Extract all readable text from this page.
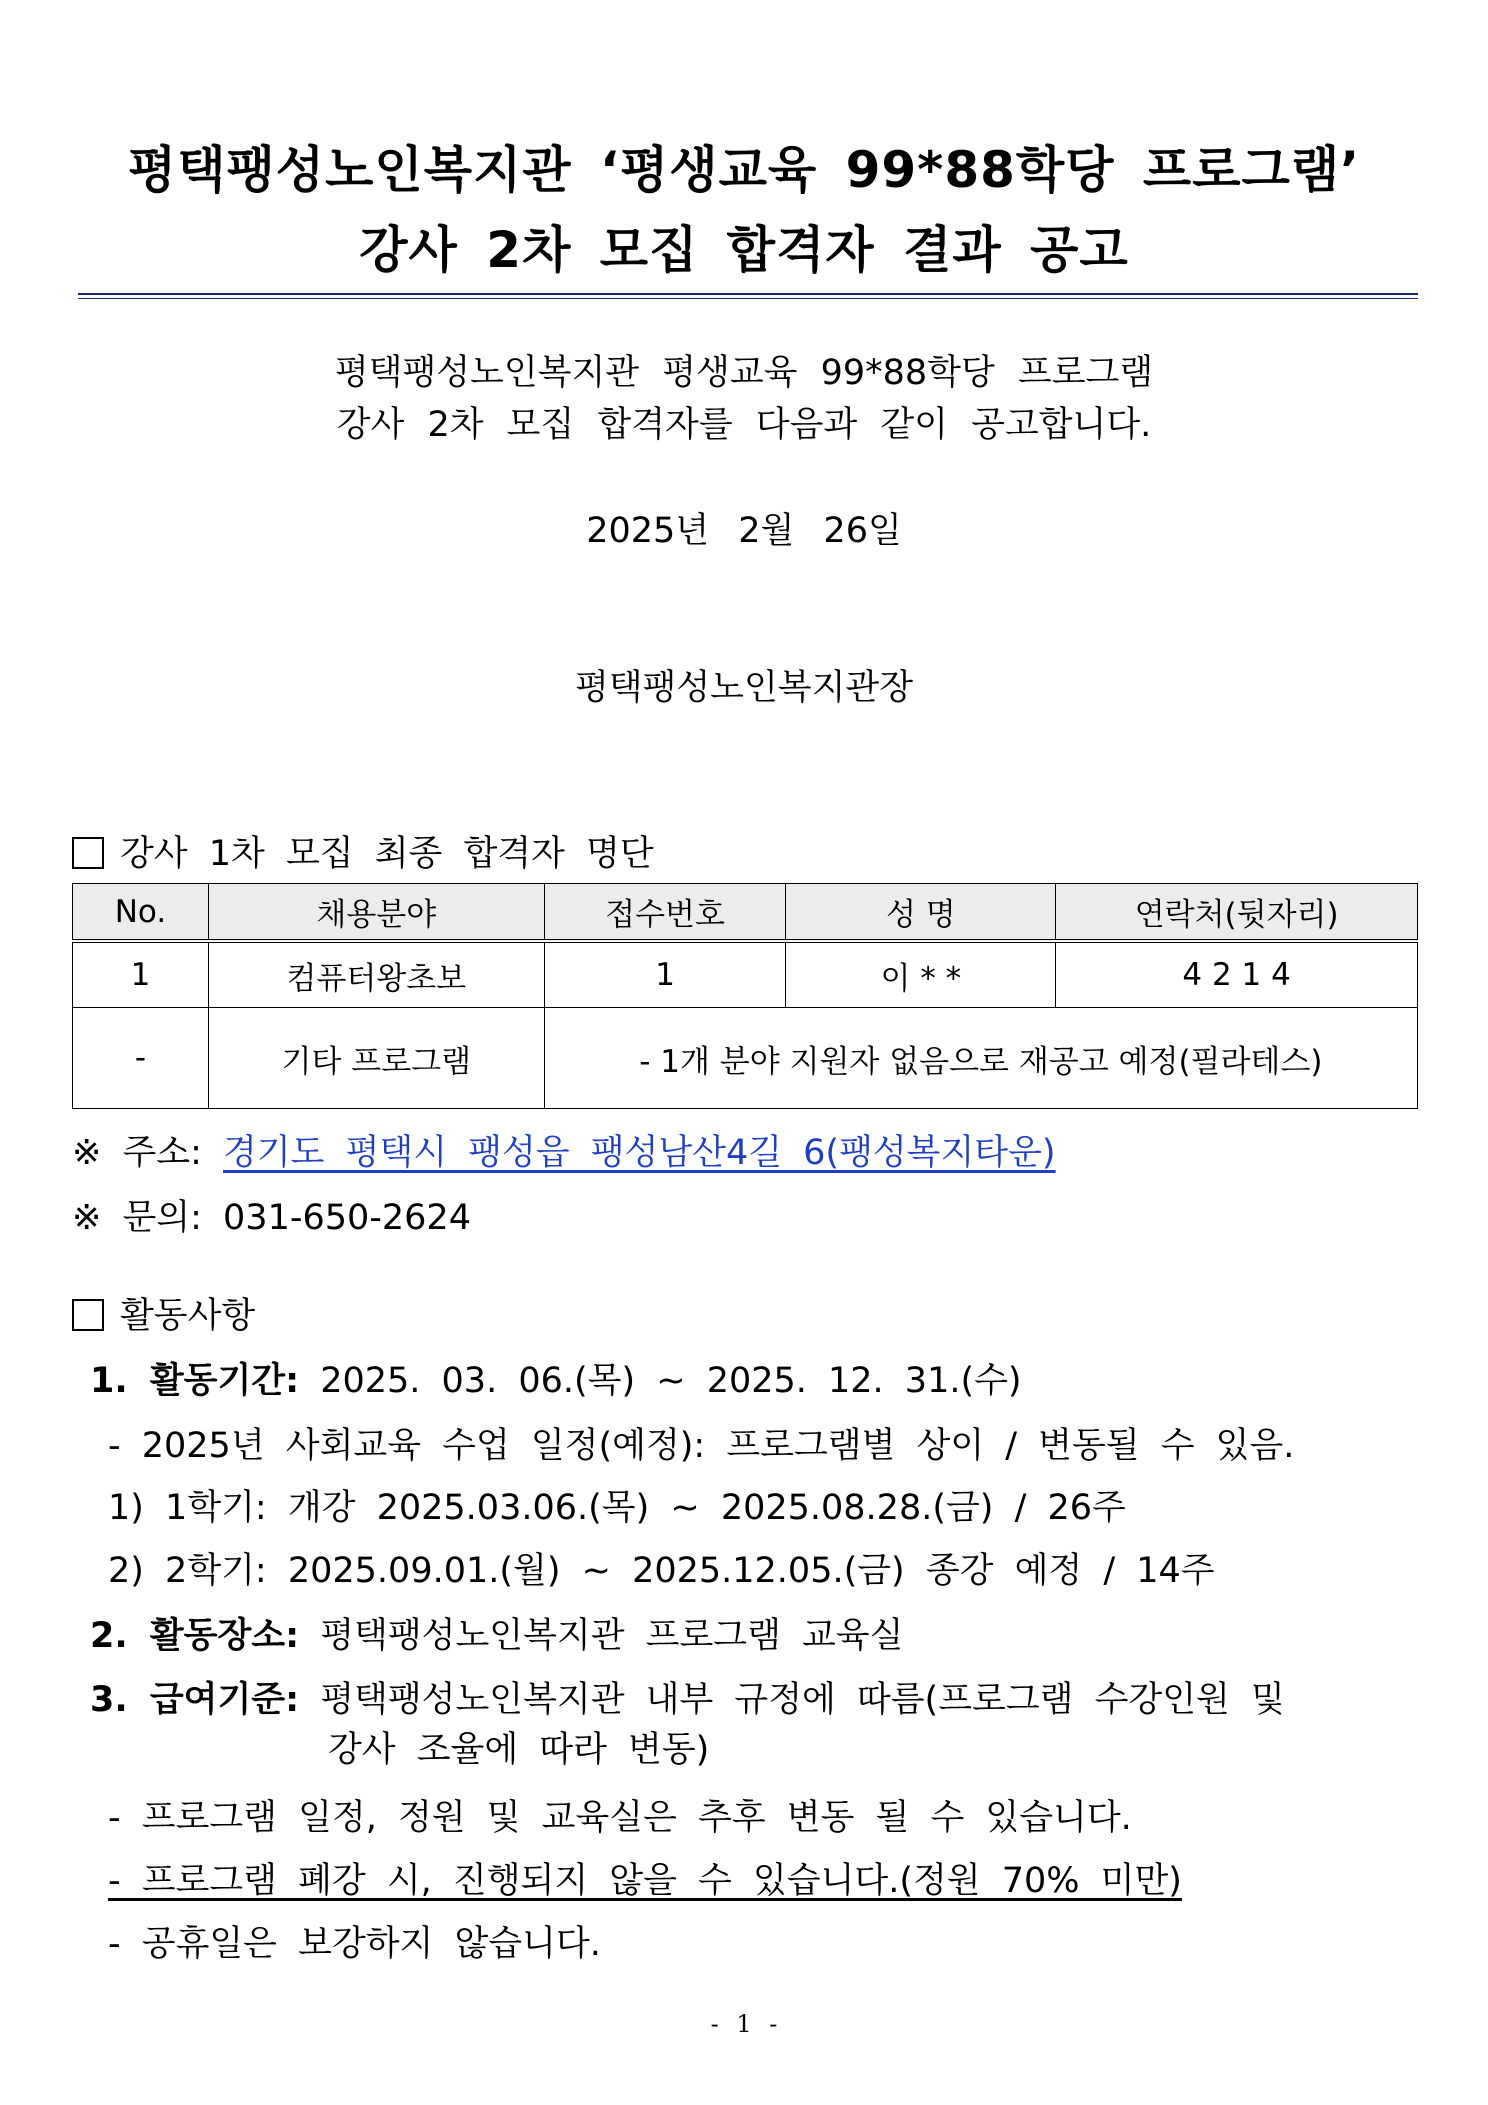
평택팽성노인복지관 ‘평생교육 99*88학당 프로그램’
강사 2차 모집 합격자 결과 공고
평택팽성노인복지관 평생교육 99*88학당 프로그램
강사 2차 모집 합격자를 다음과 같이 공고합니다.
2025년 2월 26일
평택팽성노인복지관장
강사 1차 모집 최종 합격자 명단
No.	채용분야	접수번호	성 명	연락처(뒷자리)
1	컴퓨터왕초보	1	이 * *	4 2 1 4
-	기타 프로그램	- 1개 분야 지원자 없음으로 재공고 예정(필라테스)		
※ 주소: 경기도 평택시 팽성읍 팽성남산4길 6(팽성복지타운)
※ 문의: 031-650-2624
활동사항
1. 활동기간: 2025. 03. 06.(목) ~ 2025. 12. 31.(수)
- 2025년 사회교육 수업 일정(예정): 프로그램별 상이 / 변동될 수 있음.
1) 1학기: 개강 2025.03.06.(목) ~ 2025.08.28.(금) / 26주
2) 2학기: 2025.09.01.(월) ~ 2025.12.05.(금) 종강 예정 / 14주
2. 활동장소: 평택팽성노인복지관 프로그램 교육실
3. 급여기준: 평택팽성노인복지관 내부 규정에 따름(프로그램 수강인원 및
강사 조율에 따라 변동)
- 프로그램 일정, 정원 및 교육실은 추후 변동 될 수 있습니다.
- 프로그램 폐강 시, 진행되지 않을 수 있습니다.(정원 70% 미만)
- 공휴일은 보강하지 않습니다.
- 1 -
